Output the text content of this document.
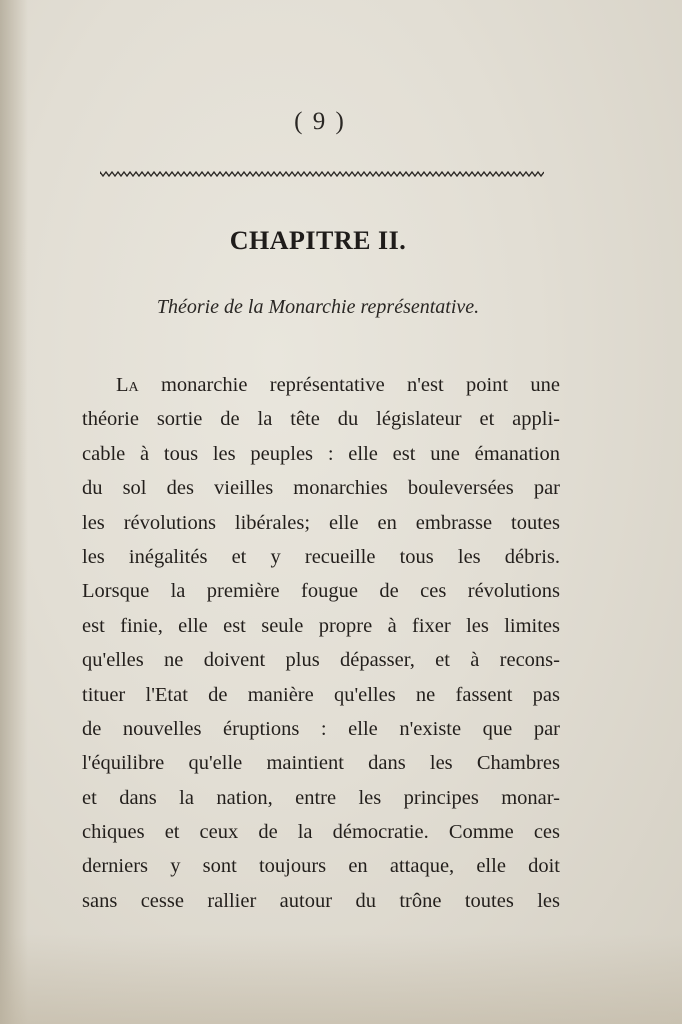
( 9 )
CHAPITRE II.
Théorie de la Monarchie représentative.
La monarchie représentative n'est point une
théorie sortie de la tête du législateur et appli-
cable à tous les peuples : elle est une émanation
du sol des vieilles monarchies bouleversées par
les révolutions libérales; elle en embrasse toutes
les inégalités et y recueille tous les débris.
Lorsque la première fougue de ces révolutions
est finie, elle est seule propre à fixer les limites
qu'elles ne doivent plus dépasser, et à recons-
tituer l'Etat de manière qu'elles ne fassent pas
de nouvelles éruptions : elle n'existe que par
l'équilibre qu'elle maintient dans les Chambres
et dans la nation, entre les principes monar-
chiques et ceux de la démocratie. Comme ces
derniers y sont toujours en attaque, elle doit
sans cesse rallier autour du trône toutes les
